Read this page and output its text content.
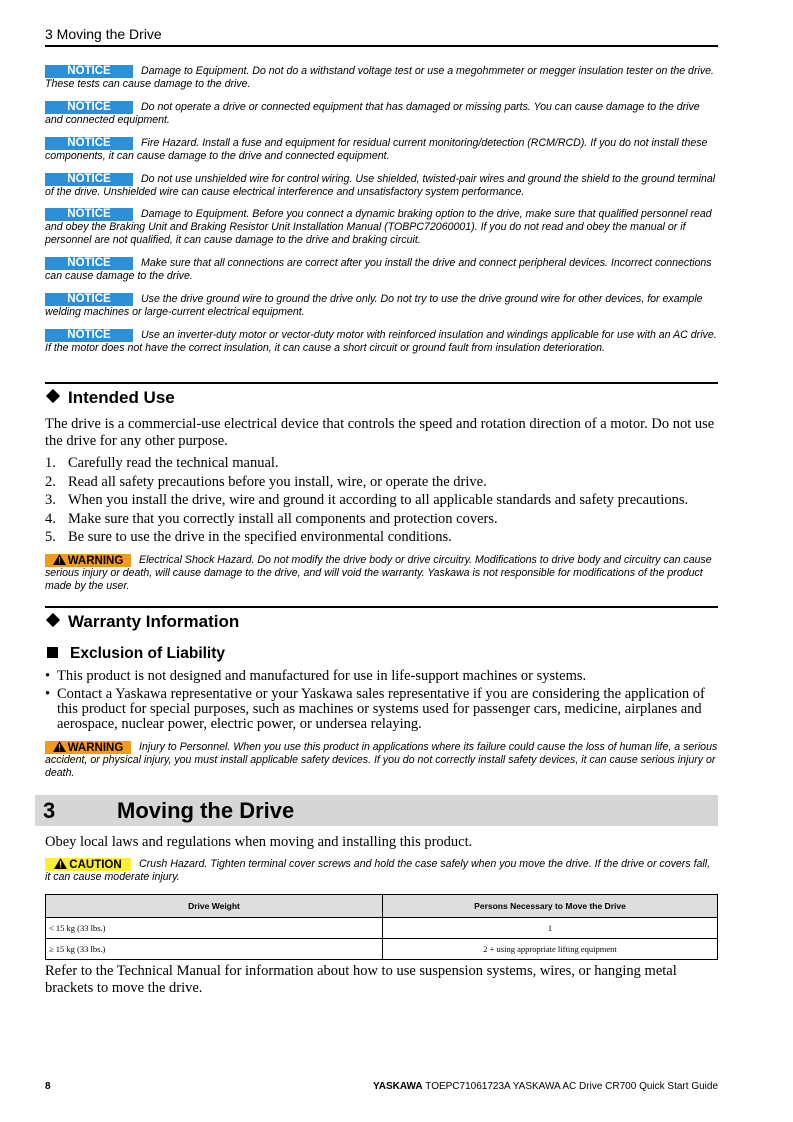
3 Moving the Drive
NOTICE	Damage to Equipment. Do not do a withstand voltage test or use a megohmmeter or megger insulation tester on the drive. These tests can cause damage to the drive.
NOTICE	Do not operate a drive or connected equipment that has damaged or missing parts. You can cause damage to the drive and connected equipment.
NOTICE	Fire Hazard. Install a fuse and equipment for residual current monitoring/detection (RCM/RCD). If you do not install these components, it can cause damage to the drive and connected equipment.
NOTICE	Do not use unshielded wire for control wiring. Use shielded, twisted-pair wires and ground the shield to the ground terminal of the drive. Unshielded wire can cause electrical interference and unsatisfactory system performance.
NOTICE	Damage to Equipment. Before you connect a dynamic braking option to the drive, make sure that qualified personnel read and obey the Braking Unit and Braking Resistor Unit Installation Manual (TOBPC72060001). If you do not read and obey the manual or if personnel are not qualified, it can cause damage to the drive and braking circuit.
NOTICE	Make sure that all connections are correct after you install the drive and connect peripheral devices. Incorrect connections can cause damage to the drive.
NOTICE	Use the drive ground wire to ground the drive only. Do not try to use the drive ground wire for other devices, for example welding machines or large-current electrical equipment.
NOTICE	Use an inverter-duty motor or vector-duty motor with reinforced insulation and windings applicable for use with an AC drive. If the motor does not have the correct insulation, it can cause a short circuit or ground fault from insulation deterioration.
Intended Use
The drive is a commercial-use electrical device that controls the speed and rotation direction of a motor. Do not use the drive for any other purpose.
1. Carefully read the technical manual.
2. Read all safety precautions before you install, wire, or operate the drive.
3. When you install the drive, wire and ground it according to all applicable standards and safety precautions.
4. Make sure that you correctly install all components and protection covers.
5. Be sure to use the drive in the specified environmental conditions.
WARNING Electrical Shock Hazard. Do not modify the drive body or drive circuitry. Modifications to drive body and circuitry can cause serious injury or death, will cause damage to the drive, and will void the warranty. Yaskawa is not responsible for modifications of the product made by the user.
Warranty Information
Exclusion of Liability
• This product is not designed and manufactured for use in life-support machines or systems.
• Contact a Yaskawa representative or your Yaskawa sales representative if you are considering the application of this product for special purposes, such as machines or systems used for passenger cars, medicine, airplanes and aerospace, nuclear power, electric power, or undersea relaying.
WARNING Injury to Personnel. When you use this product in applications where its failure could cause the loss of human life, a serious accident, or physical injury, you must install applicable safety devices. If you do not correctly install safety devices, it can cause serious injury or death.
3	Moving the Drive
Obey local laws and regulations when moving and installing this product.
CAUTION Crush Hazard. Tighten terminal cover screws and hold the case safely when you move the drive. If the drive or covers fall, it can cause moderate injury.
Drive Weight	Persons Necessary to Move the Drive
< 15 kg (33 lbs.)	1
≥ 15 kg (33 lbs.)	2 + using appropriate lifting equipment
Refer to the Technical Manual for information about how to use suspension systems, wires, or hanging metal brackets to move the drive.
8	YASKAWA TOEPC71061723A YASKAWA AC Drive CR700 Quick Start Guide
